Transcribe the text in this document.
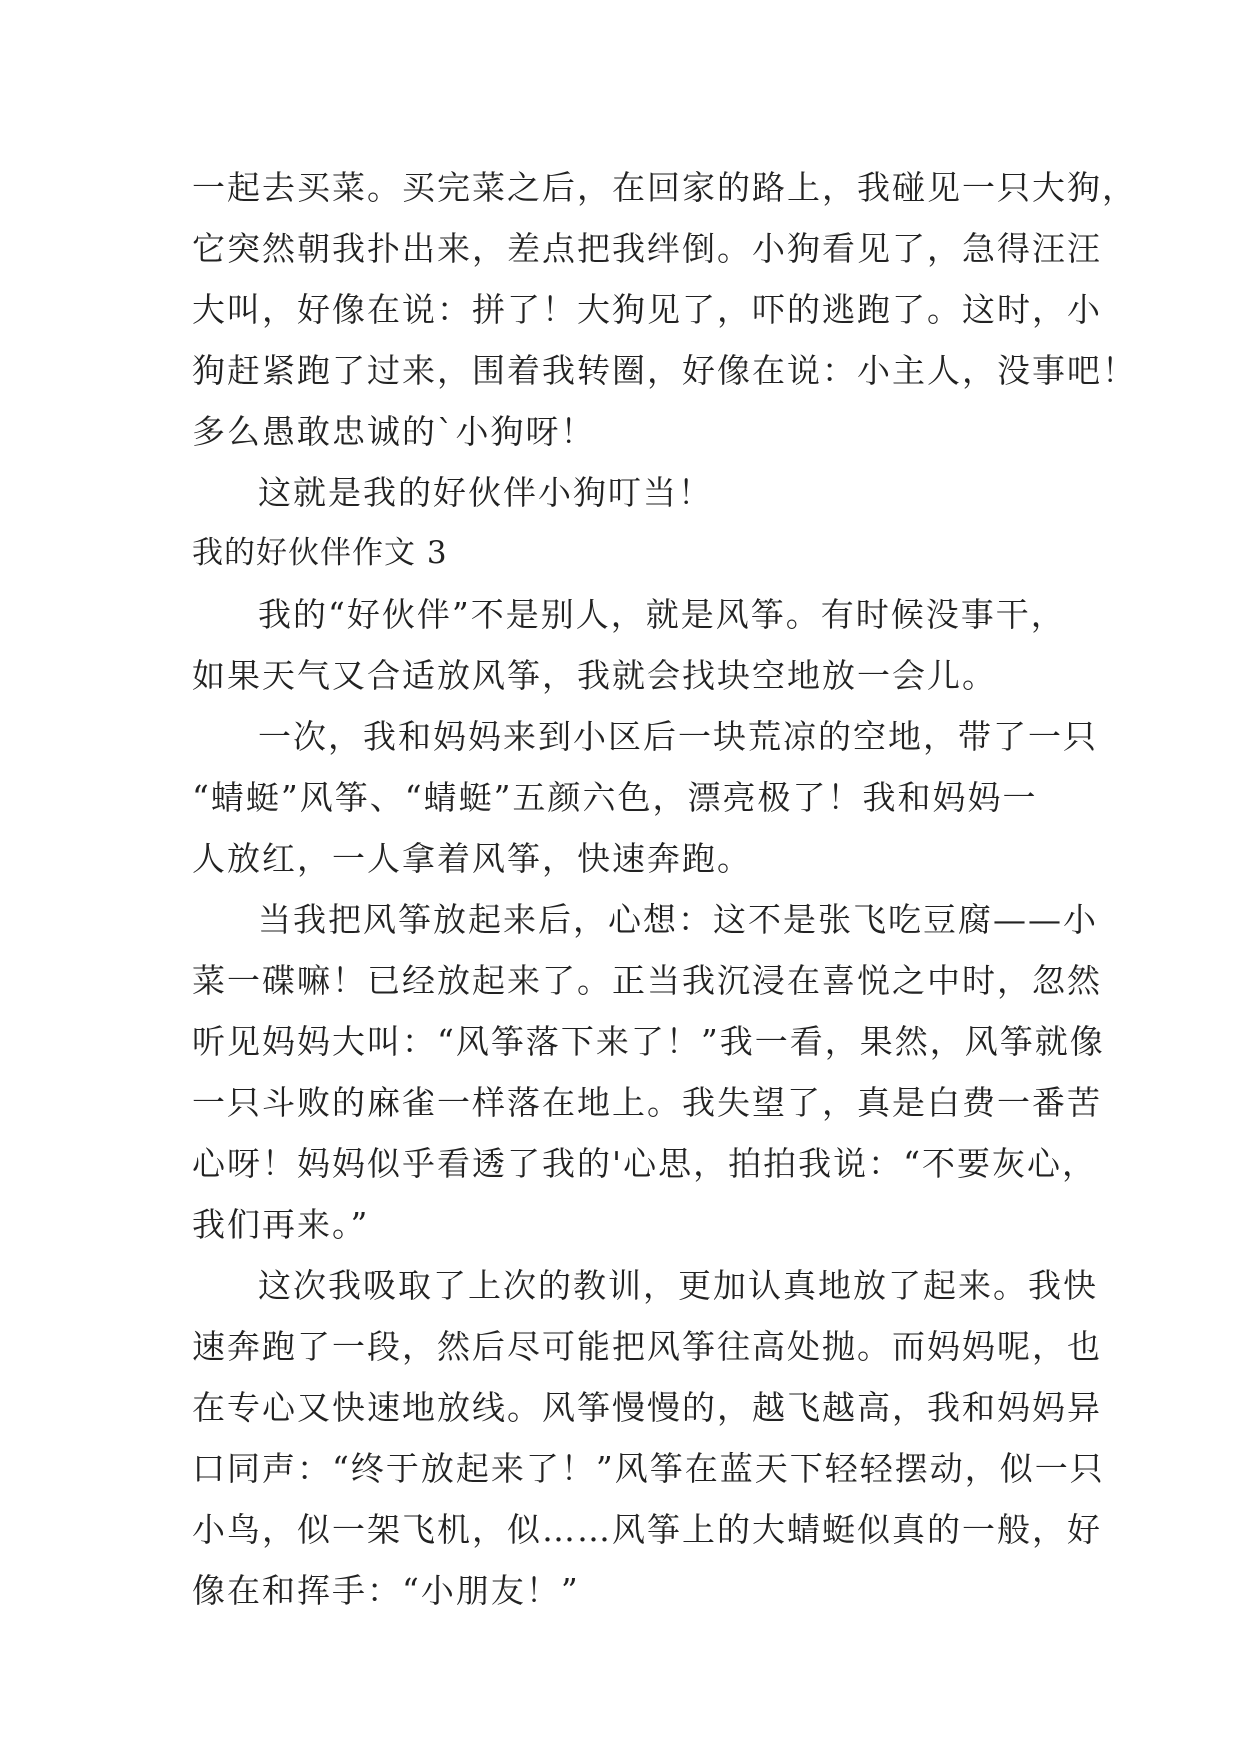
一起去买菜。买完菜之后，在回家的路上，我碰见一只大狗，
它突然朝我扑出来，差点把我绊倒。小狗看见了，急得汪汪
大叫，好像在说：拼了！大狗见了，吓的逃跑了。这时，小
狗赶紧跑了过来，围着我转圈，好像在说：小主人，没事吧！
多么愚敢忠诚的`小狗呀！
这就是我的好伙伴小狗叮当！
我的好伙伴作文 3
我的“好伙伴”不是别人，就是风筝。有时候没事干，
如果天气又合适放风筝，我就会找块空地放一会儿。
一次，我和妈妈来到小区后一块荒凉的空地，带了一只
“蜻蜓”风筝、“蜻蜓”五颜六色，漂亮极了！我和妈妈一
人放红，一人拿着风筝，快速奔跑。
当我把风筝放起来后，心想：这不是张飞吃豆腐——小
菜一碟嘛！已经放起来了。正当我沉浸在喜悦之中时，忽然
听见妈妈大叫：“风筝落下来了！”我一看，果然，风筝就像
一只斗败的麻雀一样落在地上。我失望了，真是白费一番苦
心呀！妈妈似乎看透了我的'心思，拍拍我说：“不要灰心，
我们再来。”
这次我吸取了上次的教训，更加认真地放了起来。我快
速奔跑了一段，然后尽可能把风筝往高处抛。而妈妈呢，也
在专心又快速地放线。风筝慢慢的，越飞越高，我和妈妈异
口同声：“终于放起来了！”风筝在蓝天下轻轻摆动，似一只
小鸟，似一架飞机，似……风筝上的大蜻蜓似真的一般，好
像在和挥手：“小朋友！”
